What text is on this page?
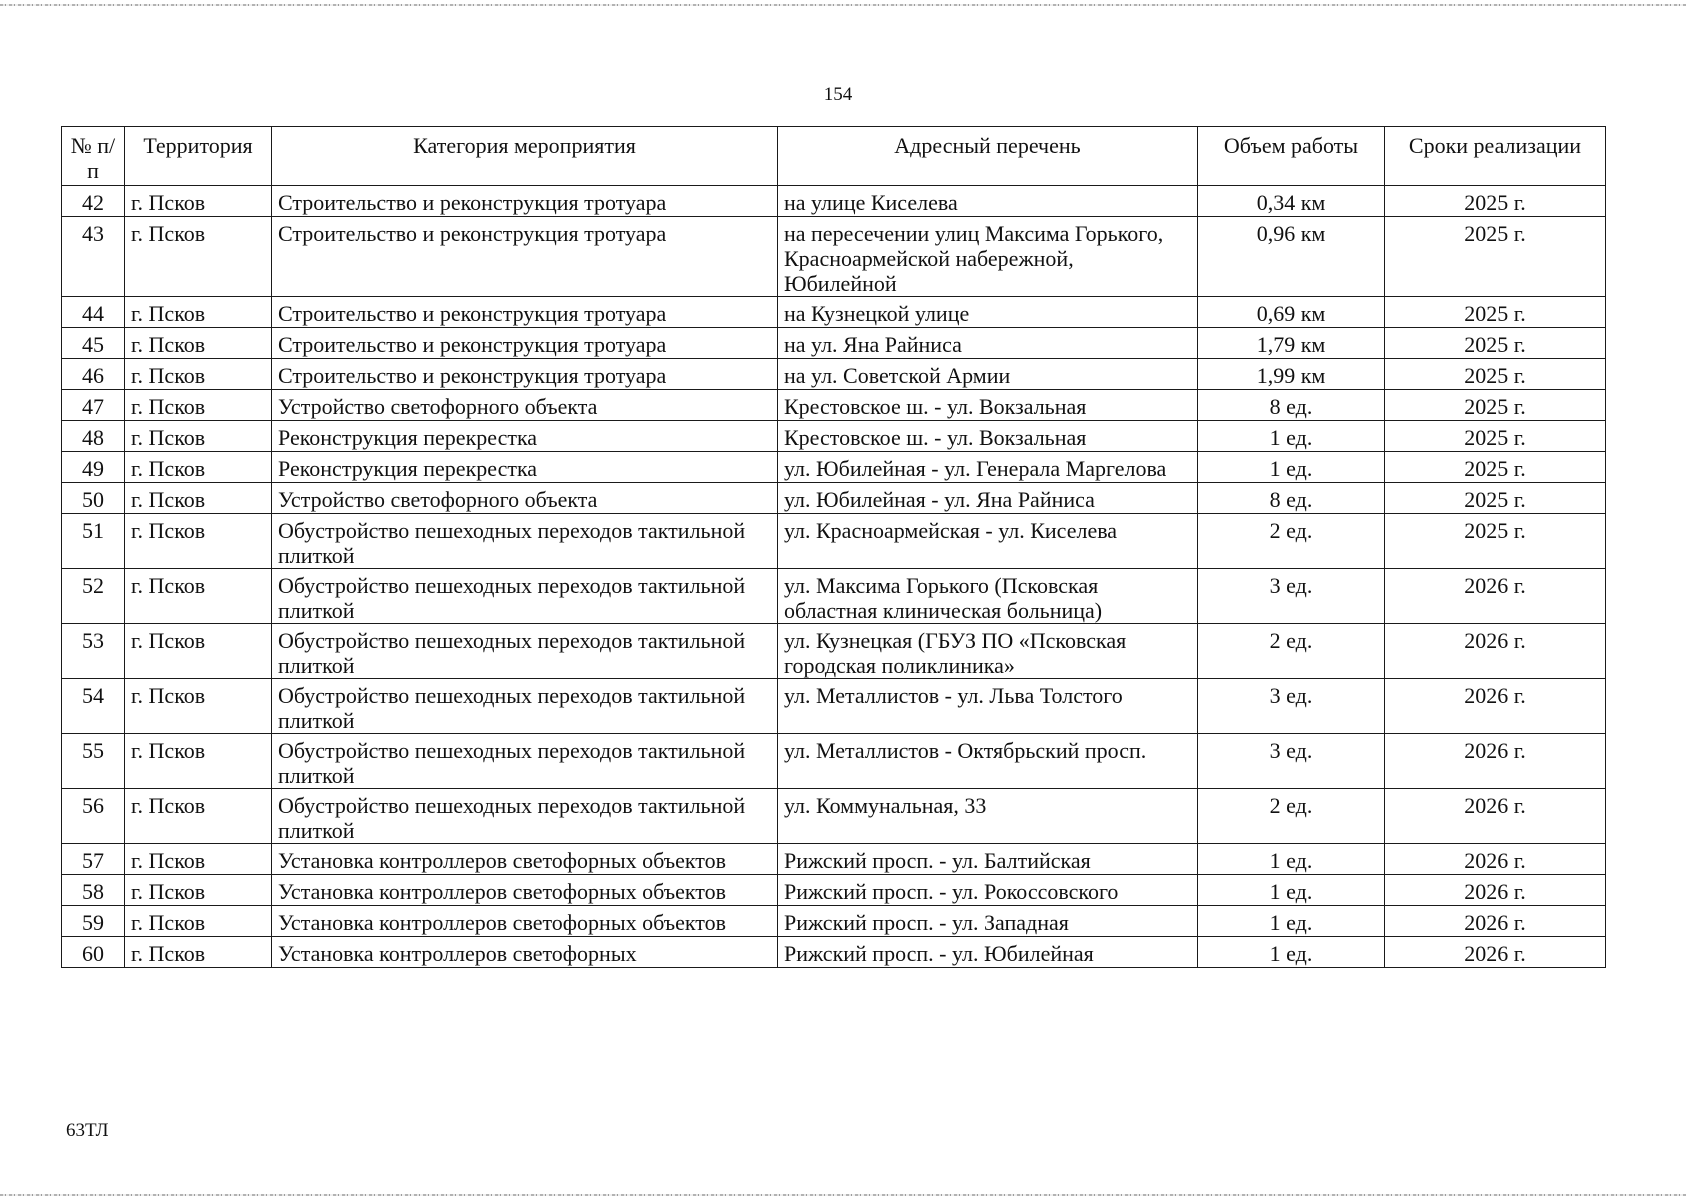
154
№ п/п	Территория	Категория мероприятия	Адресный перечень	Объем работы	Сроки реализации
42	г. Псков	Строительство и реконструкция тротуара	на улице Киселева	0,34 км	2025 г.
43	г. Псков	Строительство и реконструкция тротуара	на пересечении улиц Максима Горького, Красноармейской набережной, Юбилейной	0,96 км	2025 г.
44	г. Псков	Строительство и реконструкция тротуара	на Кузнецкой улице	0,69 км	2025 г.
45	г. Псков	Строительство и реконструкция тротуара	на ул. Яна Райниса	1,79 км	2025 г.
46	г. Псков	Строительство и реконструкция тротуара	на ул. Советской Армии	1,99 км	2025 г.
47	г. Псков	Устройство светофорного объекта	Крестовское ш. - ул. Вокзальная	8 ед.	2025 г.
48	г. Псков	Реконструкция перекрестка	Крестовское ш. - ул. Вокзальная	1 ед.	2025 г.
49	г. Псков	Реконструкция перекрестка	ул. Юбилейная - ул. Генерала Маргелова	1 ед.	2025 г.
50	г. Псков	Устройство светофорного объекта	ул. Юбилейная - ул. Яна Райниса	8 ед.	2025 г.
51	г. Псков	Обустройство пешеходных переходов тактильной плиткой	ул. Красноармейская - ул. Киселева	2 ед.	2025 г.
52	г. Псков	Обустройство пешеходных переходов тактильной плиткой	ул. Максима Горького (Псковская областная клиническая больница)	3 ед.	2026 г.
53	г. Псков	Обустройство пешеходных переходов тактильной плиткой	ул. Кузнецкая (ГБУЗ ПО «Псковская городская поликлиника»	2 ед.	2026 г.
54	г. Псков	Обустройство пешеходных переходов тактильной плиткой	ул. Металлистов - ул. Льва Толстого	3 ед.	2026 г.
55	г. Псков	Обустройство пешеходных переходов тактильной плиткой	ул. Металлистов - Октябрьский просп.	3 ед.	2026 г.
56	г. Псков	Обустройство пешеходных переходов тактильной плиткой	ул. Коммунальная, 33	2 ед.	2026 г.
57	г. Псков	Установка контроллеров светофорных объектов	Рижский просп. - ул. Балтийская	1 ед.	2026 г.
58	г. Псков	Установка контроллеров светофорных объектов	Рижский просп. - ул. Рокоссовского	1 ед.	2026 г.
59	г. Псков	Установка контроллеров светофорных объектов	Рижский просп. - ул. Западная	1 ед.	2026 г.
60	г. Псков	Установка контроллеров светофорных	Рижский просп. - ул. Юбилейная	1 ед.	2026 г.
63ТЛ
